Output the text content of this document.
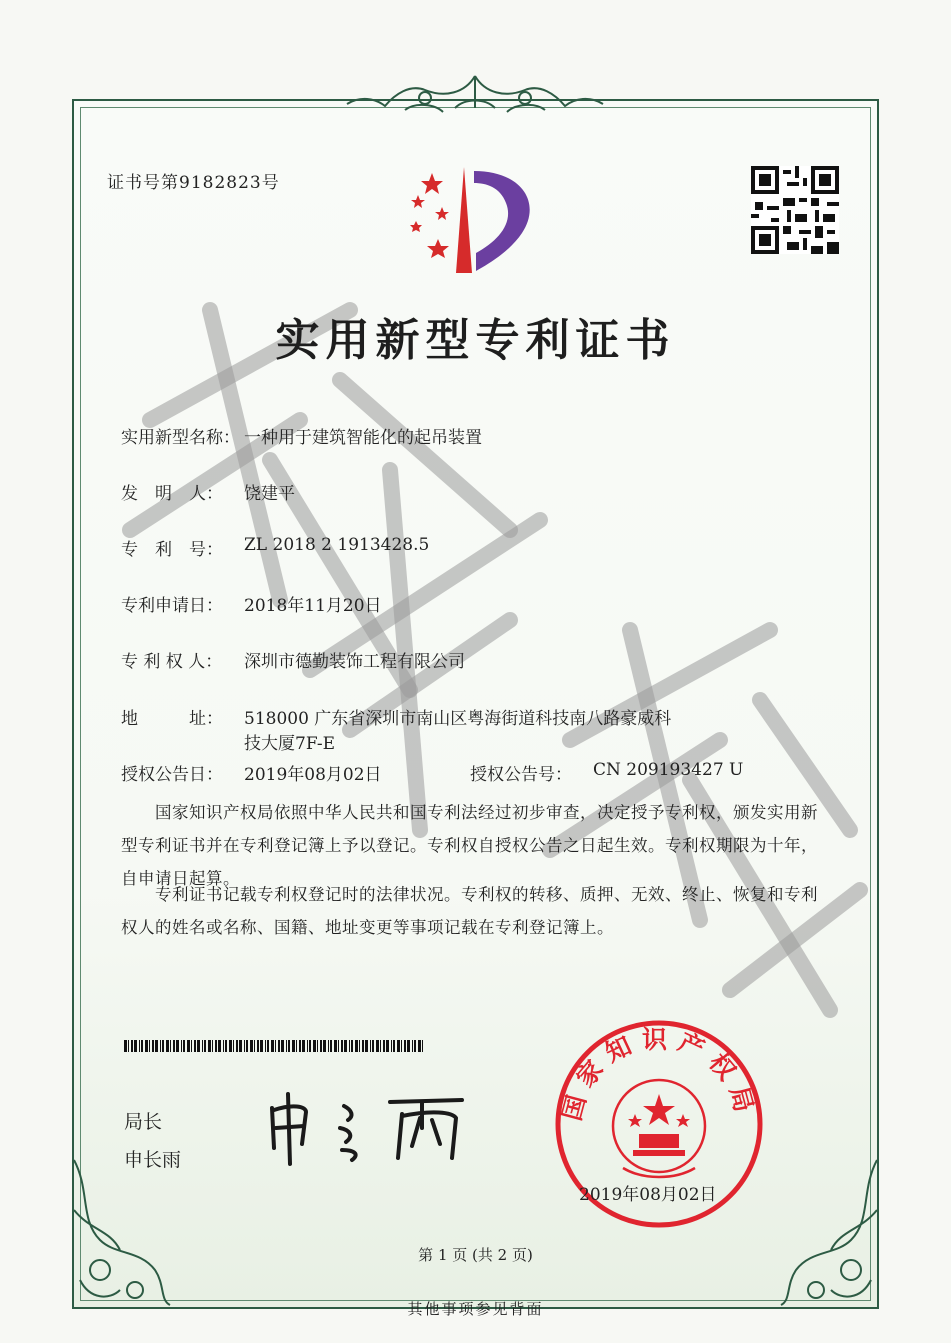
证书号第9182823号
实用新型专利证书
实用新型名称： 一种用于建筑智能化的起吊装置
发　明　人： 饶建平
专　利　号： ZL 2018 2 1913428.5
专利申请日： 2018年11月20日
专 利 权 人： 深圳市德勤装饰工程有限公司
地　　　址： 518000 广东省深圳市南山区粤海街道科技南八路豪威科
技大厦7F-E
授权公告日： 2019年08月02日	授权公告号： CN 209193427 U
国家知识产权局依照中华人民共和国专利法经过初步审查，决定授予专利权，颁发实用新型专利证书并在专利登记簿上予以登记。专利权自授权公告之日起生效。专利权期限为十年，自申请日起算。
专利证书记载专利权登记时的法律状况。专利权的转移、质押、无效、终止、恢复和专利权人的姓名或名称、国籍、地址变更等事项记载在专利登记簿上。
局长
申长雨
国家知识产权局
2019年08月02日
第 1 页 (共 2 页)
其他事项参见背面
